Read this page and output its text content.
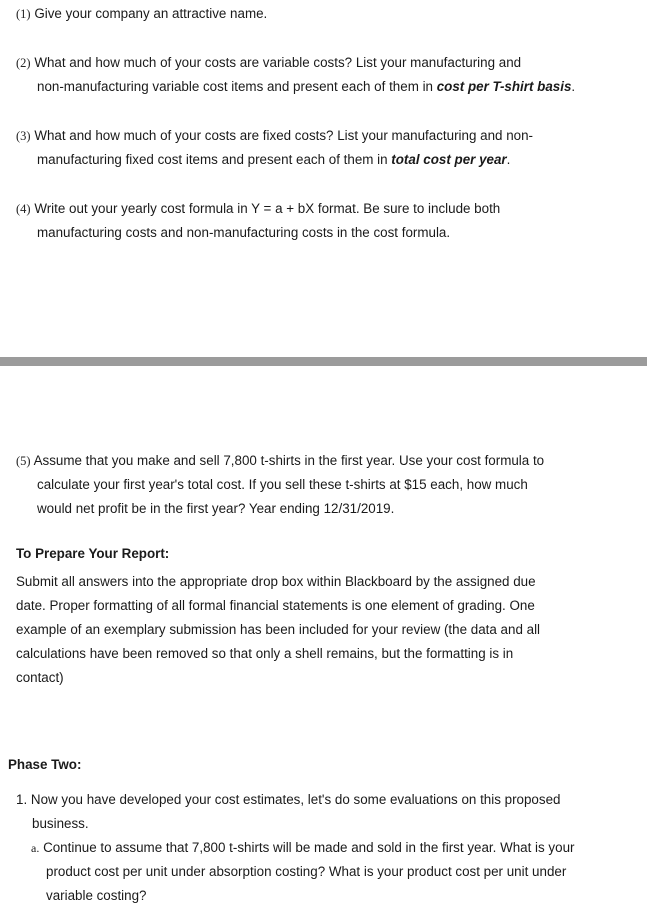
(1) Give your company an attractive name.
(2) What and how much of your costs are variable costs? List your manufacturing and
non-manufacturing variable cost items and present each of them in cost per T-shirt basis.
(3) What and how much of your costs are fixed costs? List your manufacturing and non-
manufacturing fixed cost items and present each of them in total cost per year.
(4) Write out your yearly cost formula in Y = a + bX format. Be sure to include both
manufacturing costs and non-manufacturing costs in the cost formula.
(5) Assume that you make and sell 7,800 t-shirts in the first year. Use your cost formula to
calculate your first year's total cost. If you sell these t-shirts at $15 each, how much
would net profit be in the first year? Year ending 12/31/2019.
To Prepare Your Report:
Submit all answers into the appropriate drop box within Blackboard by the assigned due
date. Proper formatting of all formal financial statements is one element of grading. One
example of an exemplary submission has been included for your review (the data and all
calculations have been removed so that only a shell remains, but the formatting is in
contact)
Phase Two:
1. Now you have developed your cost estimates, let's do some evaluations on this proposed
business.
a. Continue to assume that 7,800 t-shirts will be made and sold in the first year. What is your
product cost per unit under absorption costing? What is your product cost per unit under
variable costing?
